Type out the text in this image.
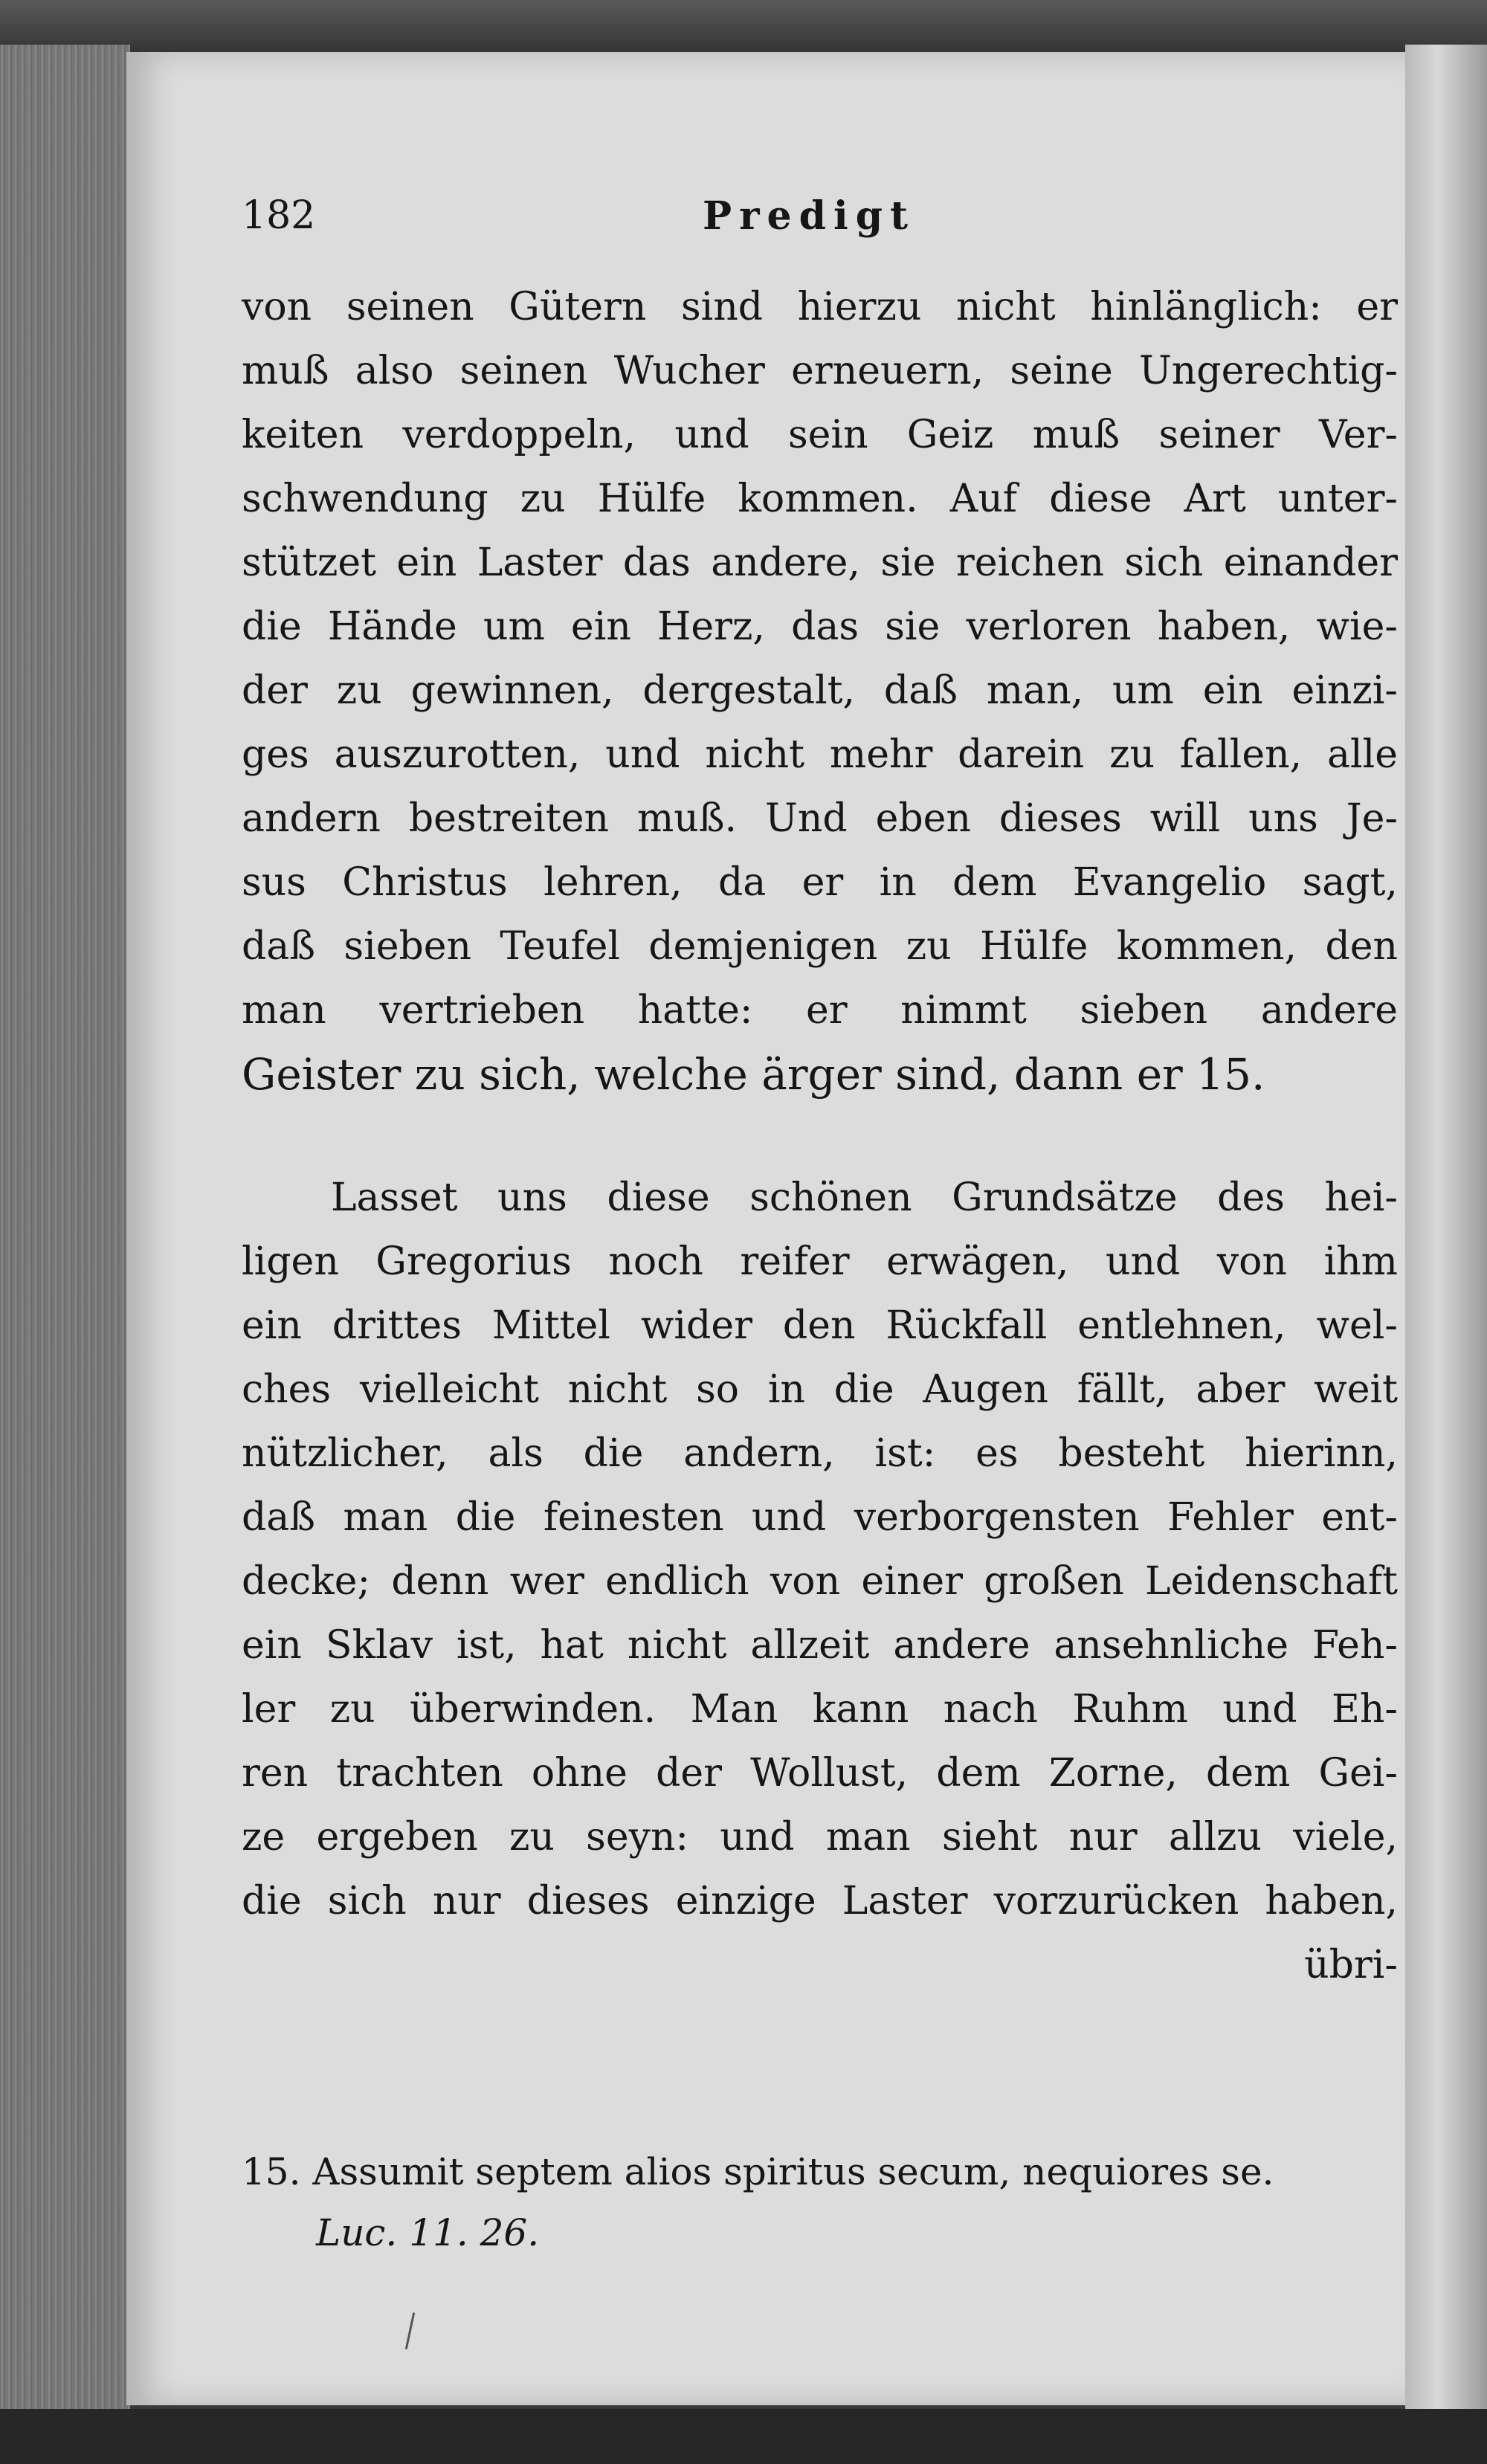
182	Predigt
von seinen Gütern sind hierzu nicht hinlänglich: er
muß also seinen Wucher erneuern, seine Ungerechtig-
keiten verdoppeln, und sein Geiz muß seiner Ver-
schwendung zu Hülfe kommen. Auf diese Art unter-
stützet ein Laster das andere, sie reichen sich einander
die Hände um ein Herz, das sie verloren haben, wie-
der zu gewinnen, dergestalt, daß man, um ein einzi-
ges auszurotten, und nicht mehr darein zu fallen, alle
andern bestreiten muß. Und eben dieses will uns Je-
sus Christus lehren, da er in dem Evangelio sagt,
daß sieben Teufel demjenigen zu Hülfe kommen, den
man vertrieben hatte: er nimmt sieben andere
Geister zu sich, welche ärger sind, dann er 15.
Lasset uns diese schönen Grundsätze des hei-
ligen Gregorius noch reifer erwägen, und von ihm
ein drittes Mittel wider den Rückfall entlehnen, wel-
ches vielleicht nicht so in die Augen fällt, aber weit
nützlicher, als die andern, ist: es besteht hierinn,
daß man die feinesten und verborgensten Fehler ent-
decke; denn wer endlich von einer großen Leidenschaft
ein Sklav ist, hat nicht allzeit andere ansehnliche Feh-
ler zu überwinden. Man kann nach Ruhm und Eh-
ren trachten ohne der Wollust, dem Zorne, dem Gei-
ze ergeben zu seyn: und man sieht nur allzu viele,
die sich nur dieses einzige Laster vorzurücken haben,
übri-
15. Assumit septem alios spiritus secum, nequiores se.
Luc. 11. 26.
